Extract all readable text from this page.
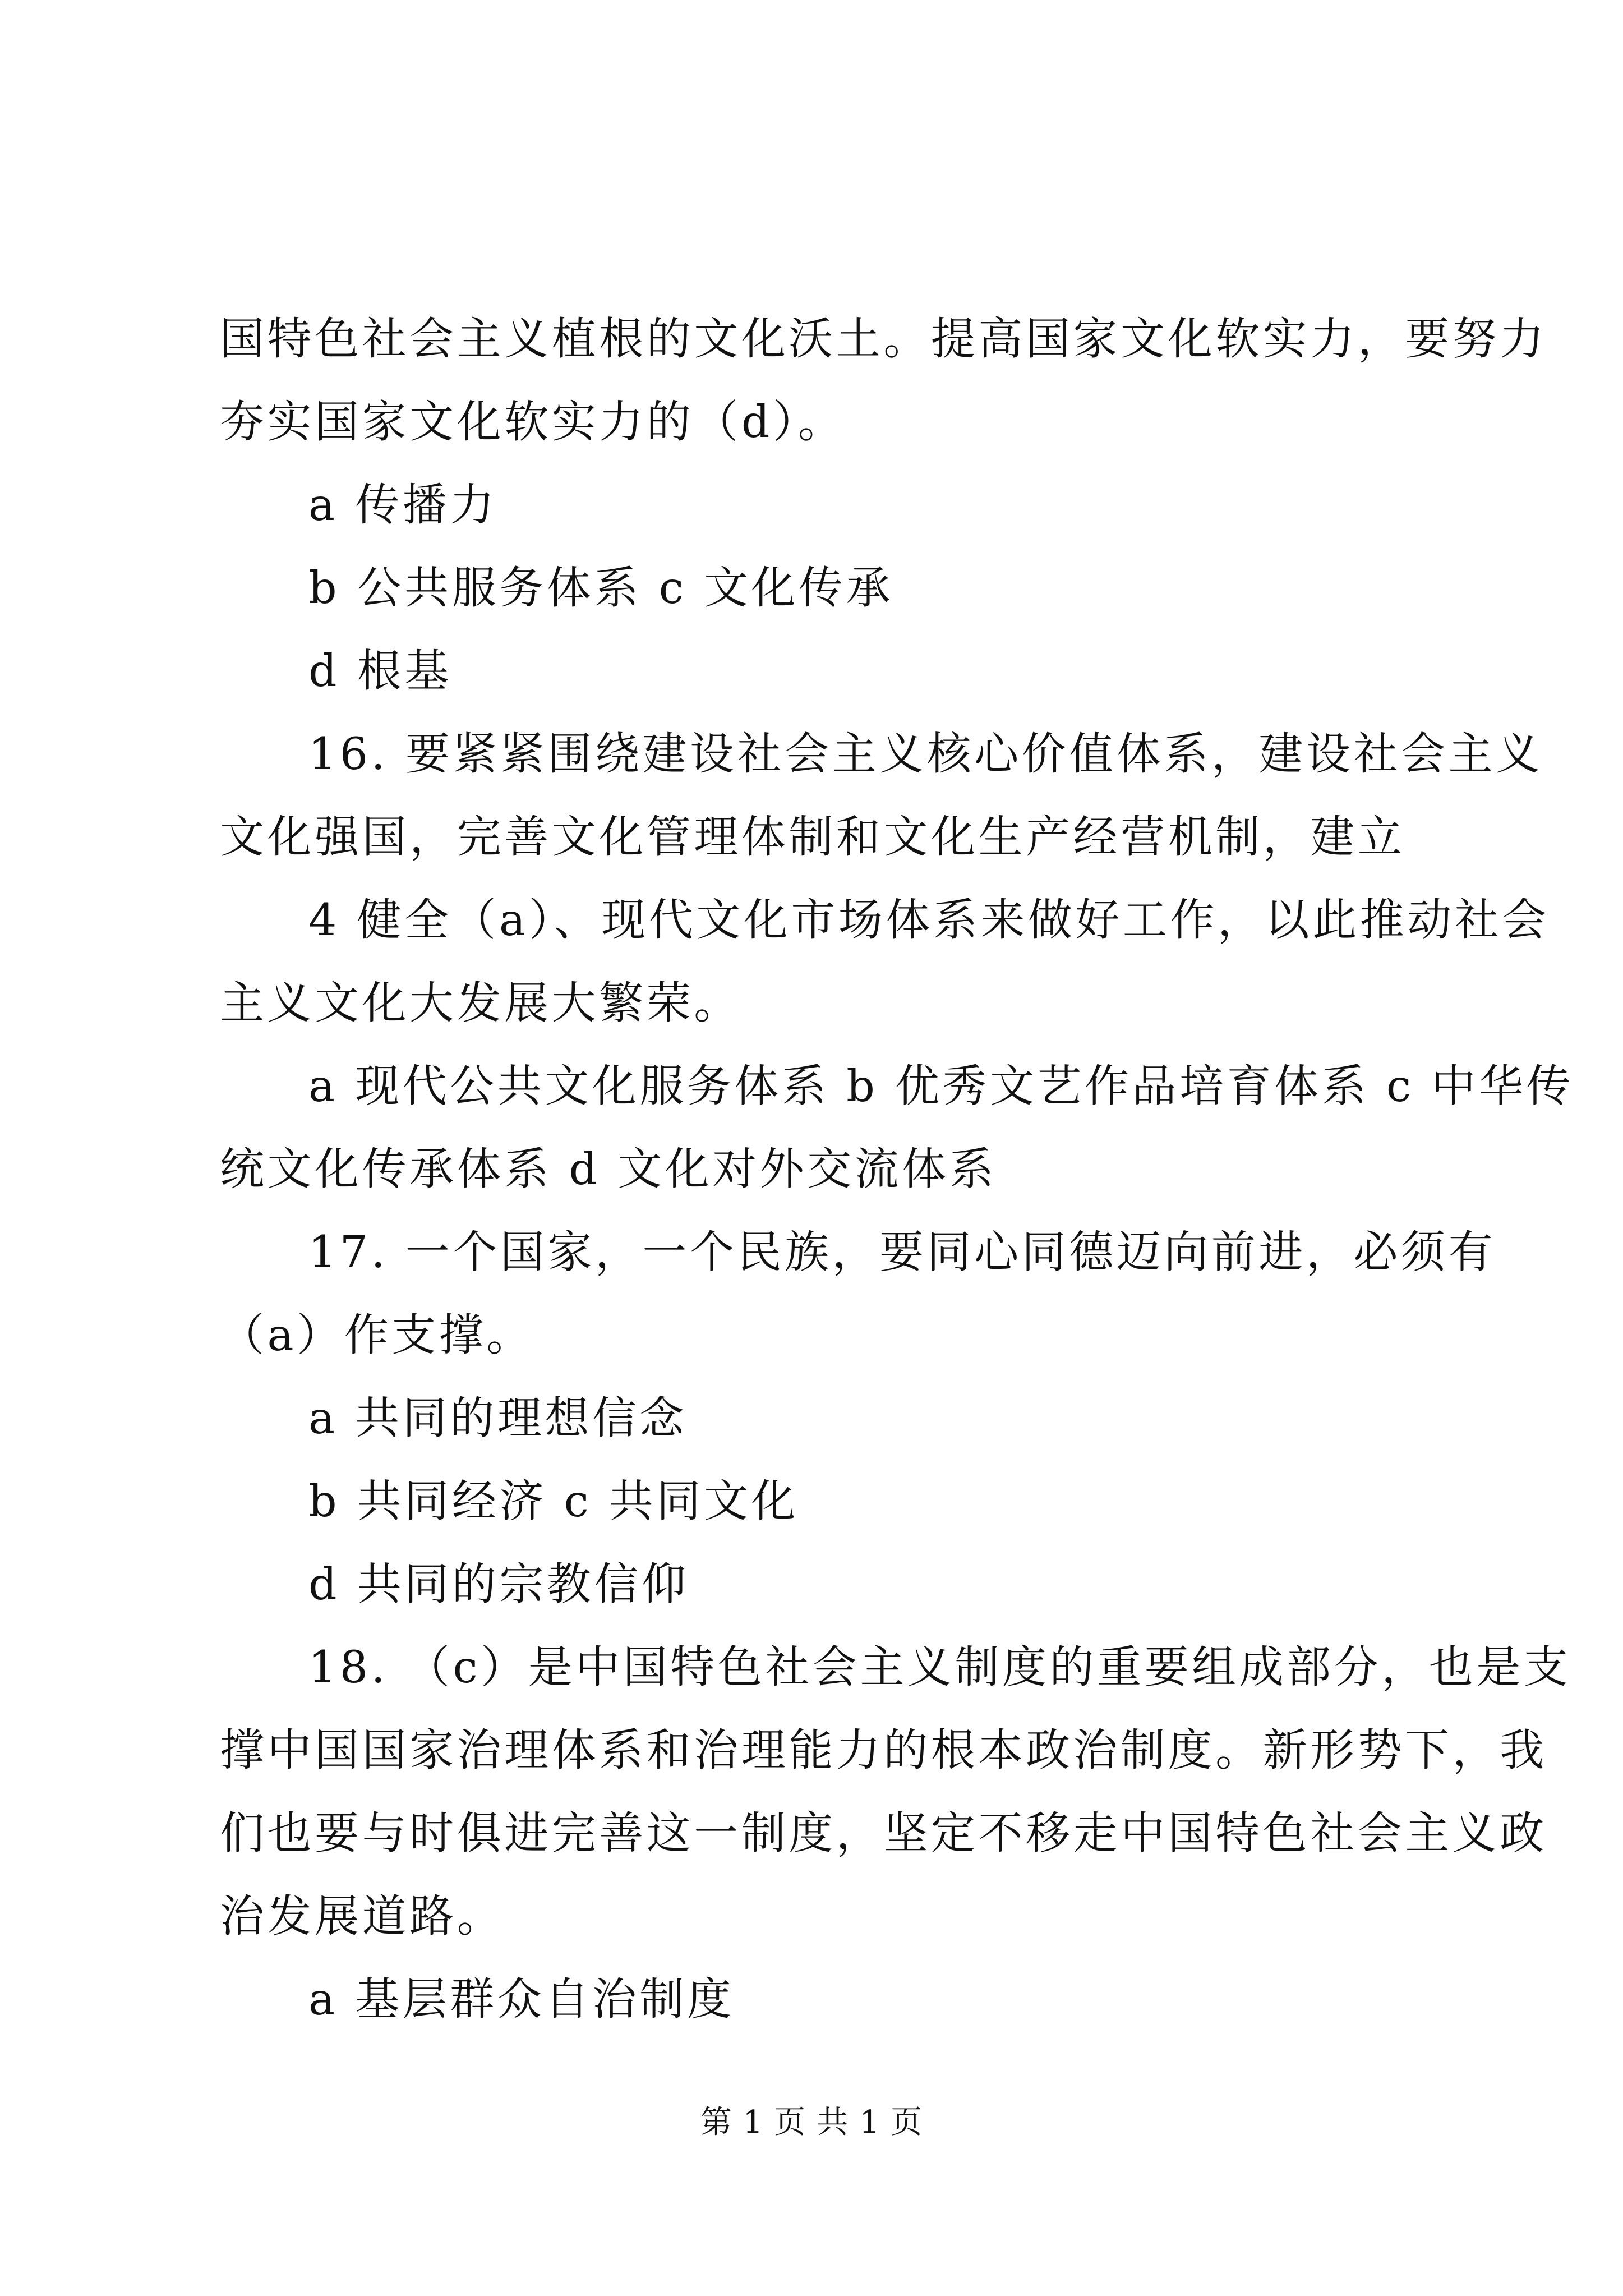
国特色社会主义植根的文化沃土。提高国家文化软实力，要努力
夯实国家文化软实力的（d）。
a 传播力
b 公共服务体系 c 文化传承
d 根基
16. 要紧紧围绕建设社会主义核心价值体系，建设社会主义
文化强国，完善文化管理体制和文化生产经营机制，建立
4 健全（a）、现代文化市场体系来做好工作，以此推动社会
主义文化大发展大繁荣。
a 现代公共文化服务体系 b 优秀文艺作品培育体系 c 中华传
统文化传承体系 d 文化对外交流体系
17. 一个国家，一个民族，要同心同德迈向前进，必须有
（a）作支撑。
a 共同的理想信念
b 共同经济 c 共同文化
d 共同的宗教信仰
18. （c）是中国特色社会主义制度的重要组成部分，也是支
撑中国国家治理体系和治理能力的根本政治制度。新形势下，我
们也要与时俱进完善这一制度，坚定不移走中国特色社会主义政
治发展道路。
a 基层群众自治制度
第 1 页 共 1 页
